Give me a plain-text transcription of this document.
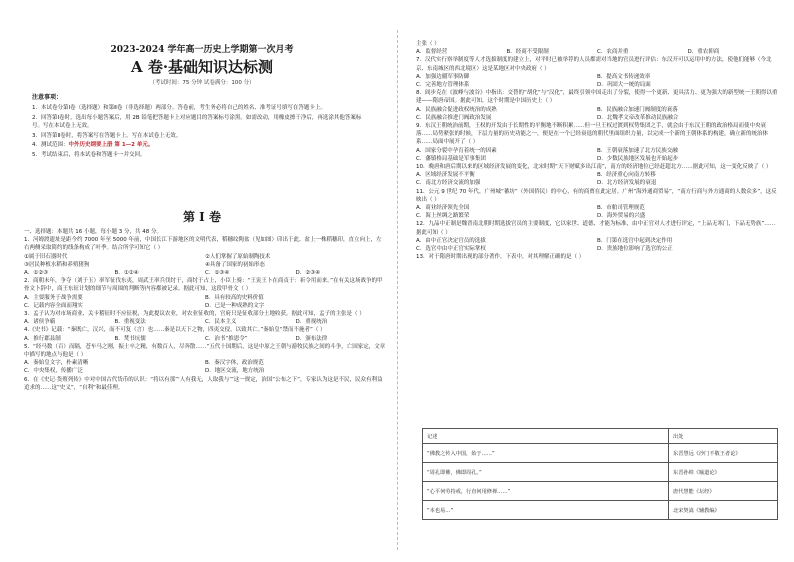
2023-2024 学年高一历史上学期第一次月考
A 卷·基础知识达标测
（考试时间：75 分钟 试卷满分：100 分）
注意事项：

1．本试卷分第Ⅰ卷（选择题）和第Ⅱ卷（非选择题）两部分。答卷前，考生务必将自己的姓名、准考证号填写在答题卡上。

2．回答第Ⅰ卷时，选出每小题答案后，用 2B 铅笔把答题卡上对应题目的答案标号涂黑。如需改动，用橡皮擦干净后，再选涂其他答案标号。写在本试卷上无效。

3．回答第Ⅱ卷时，将答案写在答题卡上。写在本试卷上无效。

4．测试范围：中外历史纲要上册 第 1—2 单元。

5．考试结束后，将本试卷和答题卡一并交回。

第 Ⅰ 卷

一、选择题：本题共 16 小题，每小题 3 分，共 48 分。

1．河姆渡遗址是距今约 7000 年至 5000 年前，中国长江下游地区的文明代表，稻穗纹陶盆（见如图）印出于此。盆上一株稻穗印，直立向上，左右两侧采取简约的线条构成了叶季。结合所学可知它（ ）

①属于旧石器时代	②人们掌握了原始制陶技术
③居民种植水稻和养殖猪狗	④具备了国家的初始形态
A．①②③	B．①②④	C．①③④	D．②③④

2．商朝末年，争夺（刘于玉）率军征伐东夷，周武王率兵伐纣于，商纣于占上，小臣上骑：“王寅王卜在商贞于：祈令用而来。”在有关这场战争的甲骨文卜辞中，商王东征计划的细节与周围的判断等内容都被记录。据此可知，这段甲骨文（ ）

A．主要服务于战争需要	B．具有较高的史料价值
C．记载内容全面而翔实	D．已是一种成熟的文字

3．孟子认为对市场商业、关卡稽征时不应征税，为此提议农业，对农业征收的，官府只是征收部分土地收获。据此可知，孟子的主张是（ ）

A．诸侯争霸	B．重视变法	C．民本主义	D．重视统治

4.《史书》记载：“秦既亡，汉兴，而不可复（言）也……秦是以天下之物，四夷交侵，以致其亡。”秦始皇“禁而不施者”（ ）

A．推行郡县制	B．焚书坑儒	C．治书“推恩令”	D．颁布法律

5．“经马数（百）而隔，苍车马之刚，振士卒之精，有数百人，尽奔散……”五代十国期后，这是中原之王朝与游牧民族之间的斗争，亡国家定，文章中描写的地点与他是（ ）

A．秦始皇文字，朴素清晰	B．秦汉字体，政治规范
C．中央集权，传播广泛	D．地区交流，地方统治

6．在《史记·货殖列传》中对中国古代货币的认识：“将以有那”‘人有我无，人取我与’”这一规定，治国“公布之下”，专家认为这是不民，民众有利益追求的……这“史义”，“自利”和最佳理。

主张（ ）

A．监督经营	B．经商不受限制	C．农商并重	D．重农抑商

7．汉代实行察举制度等人才选拔制度的建立上，对平时已被举荐的人员都需对当地的官员进行评估：东汉开可以运用中的方法，使他们能够（今北京、东南城区的西北境区）这是某地区对中央政府（ ）

A．加强边疆军事防御	B．提高文书传递效率
C．完善地方管理体系	D．巩固大一统的局面

8．阎步克在《波峰与波谷》中指出：交替的“胡化”与“汉化”，最终引领中国走出了分裂，使得一个更新、更具活力、更为强大的新型统一王朝得以重建——隋唐帝国。据此可知，这个时期是中国历史上（ ）

A．民族融合促进政权统治的成熟	B．民族融合加速门阀制度的衰落
C．民族融合推进门阀政治发展	D．北魏孝文帝改革推动民族融合

9．东汉王朝统治前期，王权的开发由于长期性的平衡地不断积累……但一旦王权过渡到权势集团之手，就会由于东汉王朝的政治格局而使中央衰落……局势紧张的时候，下层力量的历史功能之一，便是在一个已经衰退的朝代里面组织力量，以完成一个新的王朝体系的构建，确立新的统治体系……局面中展开了（ ）

A．国家分裂中孕育着统一的因素	B．王朝衰落加速了北方民族交融
C．藩镇格局基础是军事集团	D．少数民族地区发展也开始起步

10．晚唐和唐后期以来的区域经济发展的变化，北宋时期“天下财赋多出江南”，南方的经济地位已经赶超北方……据此可知，这一变化反映了（ ）

A．区域经济发展不平衡	B．经济重心向南方转移
C．南北方经济交流的加强	D．北方经济发展的衰退

11．公元 9 世纪 70 年代，广州城“蕃坊”（外国侨民）的中心，有的商贾在此定居。广州“海外通商贸易”，“南方行商与外方通商的人数众多”，这反映出（ ）

A．商业经济领先全国	B．市舶司管理规范
C．海上丝绸之路繁荣	D．海外贸易的兴盛

12．九品中正制是魏晋南北朝时期选拔官员的主要制度，它以家世、道德、才能为标准，由中正官对人才进行评定，“上品无寒门，下品无势族”……据此可知（ ）

A．由中正官决定官员的选拔	B．门第在选官中起到决定作用
C．选官中由中正官实际掌权	D．贵族地位影响了选官的公正

13．对于隋唐时期出现的部分著作，下表中，对其理解正确的是（ ）

记述	出处
“佛教之传入中国，始于……”	东晋慧远《沙门不敬王者论》
“周孔即佛，佛即周孔。”	东晋孙绰《喻道论》
“心平何劳持戒，行直何用修禅……”	唐代慧能《坛经》
“本也易…”	北宋契嵩《辅教编》
